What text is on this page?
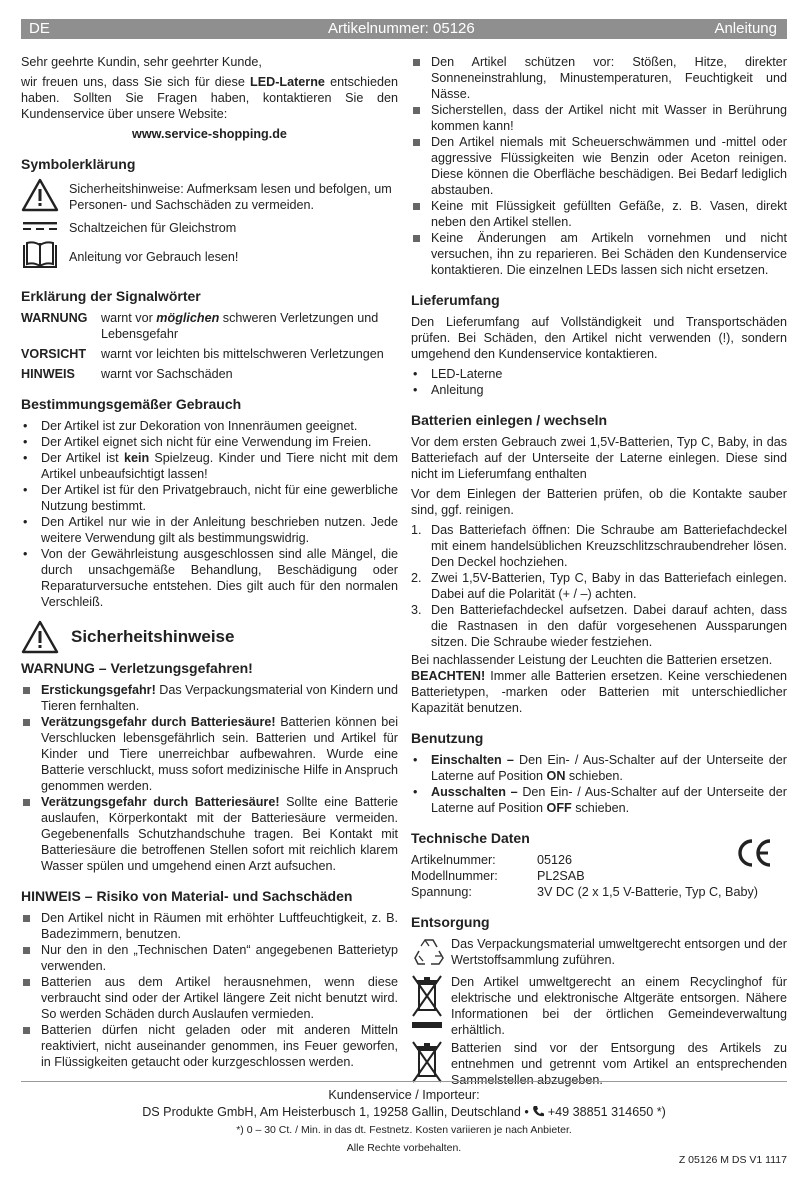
DE	Artikelnummer: 05126	Anleitung

Sehr geehrte Kundin, sehr geehrter Kunde,

wir freuen uns, dass Sie sich für diese LED-Laterne entschieden haben. Sollten Sie Fragen haben, kontaktieren Sie den Kundenservice über unsere Website:

www.service-shopping.de

Symbolerklärung
Sicherheitshinweise: Aufmerksam lesen und befolgen, um Personen- und Sachschäden zu vermeiden.
Schaltzeichen für Gleichstrom
Anleitung vor Gebrauch lesen!
Erklärung der Signalwörter
WARNUNG	warnt vor möglichen schweren Verletzungen und Lebensgefahr
VORSICHT	warnt vor leichten bis mittelschweren Verletzungen
HINWEIS	warnt vor Sachschäden
Bestimmungsgemäßer Gebrauch
• Der Artikel ist zur Dekoration von Innenräumen geeignet.
• Der Artikel eignet sich nicht für eine Verwendung im Freien.
• Der Artikel ist kein Spielzeug. Kinder und Tiere nicht mit dem Artikel unbeaufsichtigt lassen!
• Der Artikel ist für den Privatgebrauch, nicht für eine gewerbliche Nutzung bestimmt.
• Den Artikel nur wie in der Anleitung beschrieben nutzen. Jede weitere Verwendung gilt als bestimmungswidrig.
• Von der Gewährleistung ausgeschlossen sind alle Mängel, die durch unsachgemäße Behandlung, Beschädigung oder Reparaturversuche entstehen. Dies gilt auch für den normalen Verschleiß.
Sicherheitshinweise
WARNUNG – Verletzungsgefahren!
Erstickungsgefahr! Das Verpackungsmaterial von Kindern und Tieren fernhalten.
Verätzungsgefahr durch Batteriesäure! Batterien können bei Verschlucken lebensgefährlich sein. Batterien und Artikel für Kinder und Tiere unerreichbar aufbewahren. Wurde eine Batterie verschluckt, muss sofort medizinische Hilfe in Anspruch genommen werden.
Verätzungsgefahr durch Batteriesäure! Sollte eine Batterie auslaufen, Körperkontakt mit der Batteriesäure vermeiden. Gegebenenfalls Schutzhandschuhe tragen. Bei Kontakt mit Batteriesäure die betroffenen Stellen sofort mit reichlich klarem Wasser spülen und umgehend einen Arzt aufsuchen.
HINWEIS – Risiko von Material- und Sachschäden
Den Artikel nicht in Räumen mit erhöhter Luftfeuchtigkeit, z. B. Badezimmern, benutzen.
Nur den in den „Technischen Daten“ angegebenen Batterietyp verwenden.
Batterien aus dem Artikel herausnehmen, wenn diese verbraucht sind oder der Artikel längere Zeit nicht benutzt wird. So werden Schäden durch Auslaufen vermieden.
Batterien dürfen nicht geladen oder mit anderen Mitteln reaktiviert, nicht auseinander genommen, ins Feuer geworfen, in Flüssigkeiten getaucht oder kurzgeschlossen werden.
Den Artikel schützen vor: Stößen, Hitze, direkter Sonneneinstrahlung, Minustemperaturen, Feuchtigkeit und Nässe.
Sicherstellen, dass der Artikel nicht mit Wasser in Berührung kommen kann!
Den Artikel niemals mit Scheuerschwämmen und -mittel oder aggressive Flüssigkeiten wie Benzin oder Aceton reinigen. Diese können die Oberfläche beschädigen. Bei Bedarf lediglich abstauben.
Keine mit Flüssigkeit gefüllten Gefäße, z. B. Vasen, direkt neben den Artikel stellen.
Keine Änderungen am Artikeln vornehmen und nicht versuchen, ihn zu reparieren. Bei Schäden den Kundenservice kontaktieren. Die einzelnen LEDs lassen sich nicht ersetzen.
Lieferumfang

Den Lieferumfang auf Vollständigkeit und Transportschäden prüfen. Bei Schäden, den Artikel nicht verwenden (!), sondern umgehend den Kundenservice kontaktieren.

• LED-Laterne
• Anleitung
Batterien einlegen / wechseln

Vor dem ersten Gebrauch zwei 1,5V-Batterien, Typ C, Baby, in das Batteriefach auf der Unterseite der Laterne einlegen. Diese sind nicht im Lieferumfang enthalten

Vor dem Einlegen der Batterien prüfen, ob die Kontakte sauber sind, ggf. reinigen.

1. Das Batteriefach öffnen: Die Schraube am Batteriefachdeckel mit einem handelsüblichen Kreuzschlitzschraubendreher lösen. Den Deckel hochziehen.
2. Zwei 1,5V-Batterien, Typ C, Baby in das Batteriefach einlegen. Dabei auf die Polarität (+ / –) achten.
3. Den Batteriefachdeckel aufsetzen. Dabei darauf achten, dass die Rastnasen in den dafür vorgesehenen Aussparungen sitzen. Die Schraube wieder festziehen.

Bei nachlassender Leistung der Leuchten die Batterien ersetzen.

BEACHTEN! Immer alle Batterien ersetzen. Keine verschiedenen Batterietypen, -marken oder Batterien mit unterschiedlicher Kapazität benutzen.

Benutzung
• Einschalten – Den Ein- / Aus-Schalter auf der Unterseite der Laterne auf Position ON schieben.
• Ausschalten – Den Ein- / Aus-Schalter auf der Unterseite der Laterne auf Position OFF schieben.
Technische Daten
Artikelnummer:	05126
Modellnummer:	PL2SAB
Spannung:	3V DC (2 x 1,5 V-Batterie, Typ C, Baby)
Entsorgung

Das Verpackungsmaterial umweltgerecht entsorgen und der Wertstoffsammlung zuführen.

Den Artikel umweltgerecht an einem Recyclinghof für elektrische und elektronische Altgeräte entsorgen. Nähere Informationen bei der örtlichen Gemeindeverwaltung erhältlich.

Batterien sind vor der Entsorgung des Artikels zu entnehmen und getrennt vom Artikel an entsprechenden Sammelstellen abzugeben.

Kundenservice / Importeur:
DS Produkte GmbH, Am Heisterbusch 1, 19258 Gallin, Deutschland • +49 38851 314650 *)
*) 0 – 30 Ct. / Min. in das dt. Festnetz. Kosten variieren je nach Anbieter.
Alle Rechte vorbehalten.
Z 05126 M DS V1 1117
